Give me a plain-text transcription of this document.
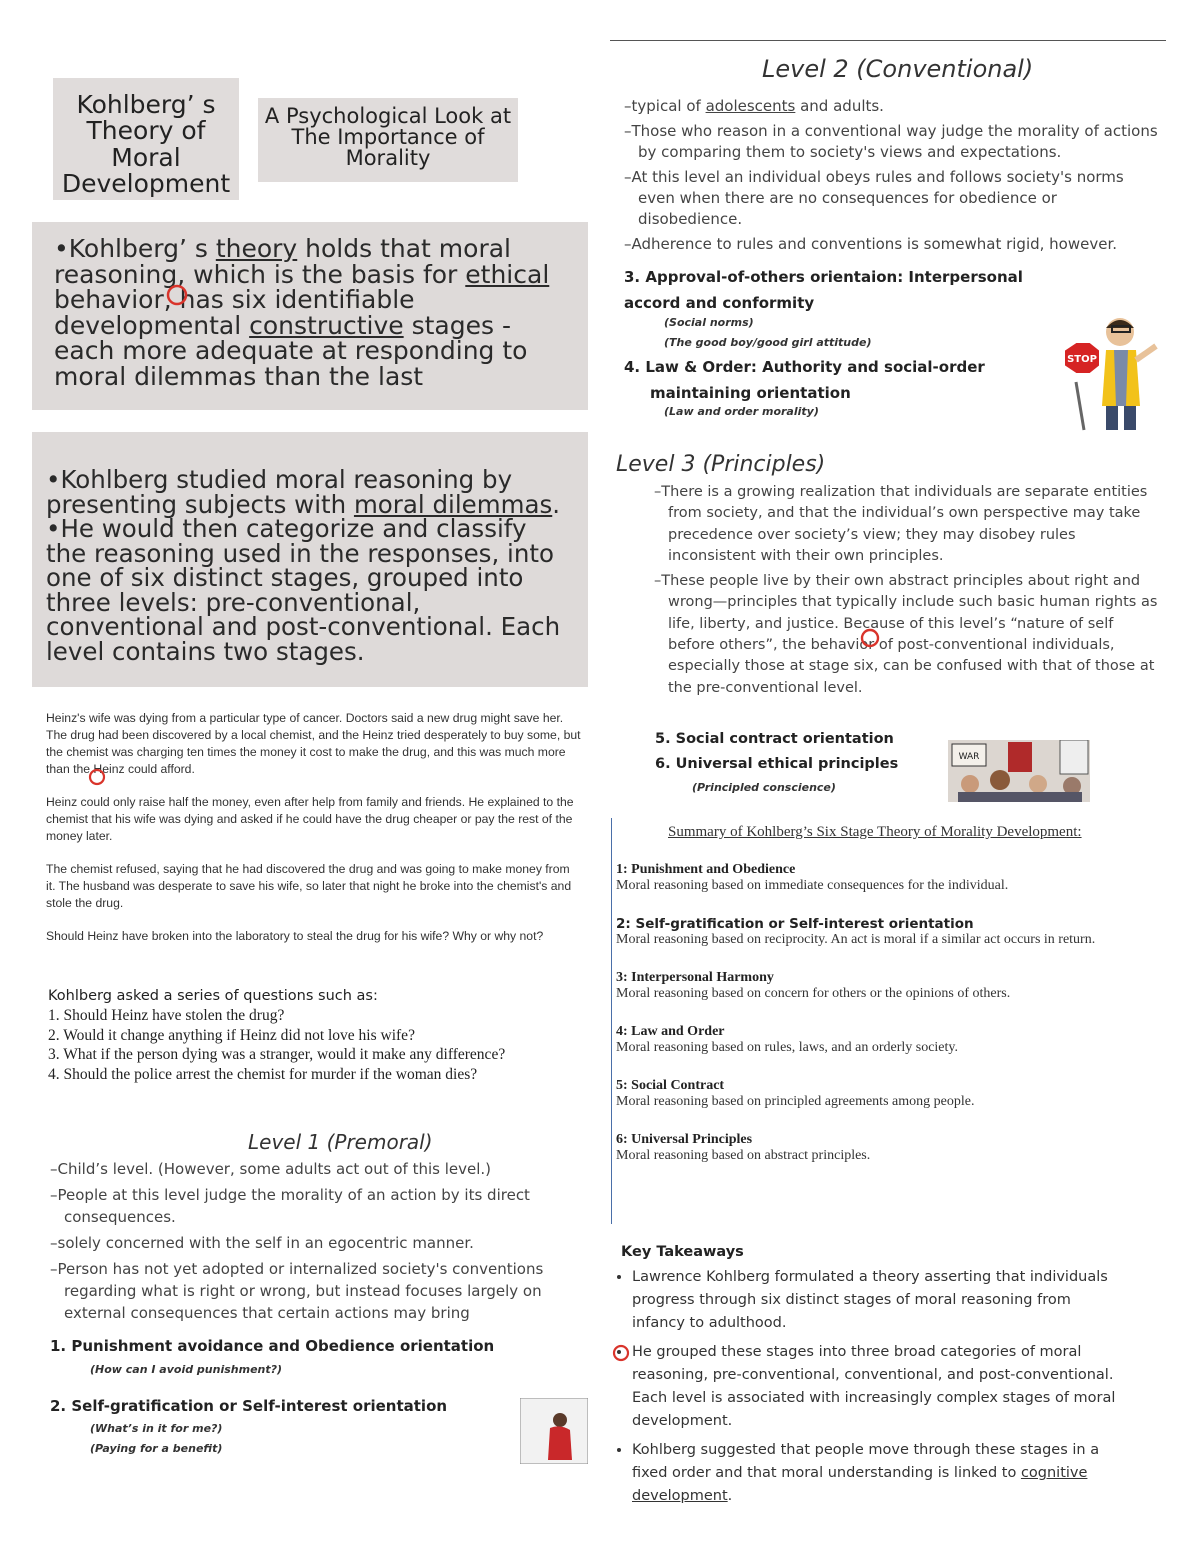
Kohlberg’ s
Theory of
Moral
Development
A Psychological Look at
The Importance of
Morality

•Kohlberg’ s theory holds that moral reasoning, which is the basis for ethical behavior, has six identifiable developmental constructive stages - each more adequate at responding to moral dilemmas than the last

•Kohlberg studied moral reasoning by presenting subjects with moral dilemmas.

•He would then categorize and classify the reasoning used in the responses, into one of six distinct stages, grouped into three levels: pre-conventional, conventional and post-conventional. Each level contains two stages.

Heinz's wife was dying from a particular type of cancer. Doctors said a new drug might save her. The drug had been discovered by a local chemist, and the Heinz tried desperately to buy some, but the chemist was charging ten times the money it cost to make the drug, and this was much more than the Heinz could afford.

Heinz could only raise half the money, even after help from family and friends. He explained to the chemist that his wife was dying and asked if he could have the drug cheaper or pay the rest of the money later.

The chemist refused, saying that he had discovered the drug and was going to make money from it. The husband was desperate to save his wife, so later that night he broke into the chemist's and stole the drug.

Should Heinz have broken into the laboratory to steal the drug for his wife? Why or why not?

Kohlberg asked a series of questions such as:
1. Should Heinz have stolen the drug?
2. Would it change anything if Heinz did not love his wife?
3. What if the person dying was a stranger, would it make any difference?
4. Should the police arrest the chemist for murder if the woman dies?
Level 1 (Premoral)
–Child’s level. (However, some adults act out of this level.)
–People at this level judge the morality of an action by its direct consequences.
–solely concerned with the self in an egocentric manner.
–Person has not yet adopted or internalized society's conventions regarding what is right or wrong, but instead focuses largely on external consequences that certain actions may bring
1. Punishment avoidance and Obedience orientation
(How can I avoid punishment?)
2. Self-gratification or Self-interest orientation
(What’s in it for me?)
(Paying for a benefit)
Level 2 (Conventional)
–typical of adolescents and adults.
–Those who reason in a conventional way judge the morality of actions by comparing them to society's views and expectations.
–At this level an individual obeys rules and follows society's norms even when there are no consequences for obedience or disobedience.
–Adherence to rules and conventions is somewhat rigid, however.
3. Approval-of-others orientaion: Interpersonal
accord and conformity
(Social norms)
(The good boy/good girl attitude)
4. Law & Order: Authority and social-order
maintaining orientation
(Law and order morality)
STOP
Level 3 (Principles)
–There is a growing realization that individuals are separate entities from society, and that the individual’s own perspective may take precedence over society’s view; they may disobey rules inconsistent with their own principles.
–These people live by their own abstract principles about right and wrong—principles that typically include such basic human rights as life, liberty, and justice. Because of this level’s “nature of self before others”, the behavior of post-conventional individuals, especially those at stage six, can be confused with that of those at the pre-conventional level.
5. Social contract orientation
6. Universal ethical principles
(Principled conscience)
WAR
Summary of Kohlberg’s Six Stage Theory of Morality Development:
1: Punishment and Obedience
Moral reasoning based on immediate consequences for the individual.
2: Self-gratification or Self-interest orientation
Moral reasoning based on reciprocity. An act is moral if a similar act occurs in return.
3: Interpersonal Harmony
Moral reasoning based on concern for others or the opinions of others.
4: Law and Order
Moral reasoning based on rules, laws, and an orderly society.
5: Social Contract
Moral reasoning based on principled agreements among people.
6: Universal Principles
Moral reasoning based on abstract principles.
Key Takeaways
• Lawrence Kohlberg formulated a theory asserting that individuals progress through six distinct stages of moral reasoning from infancy to adulthood.
• He grouped these stages into three broad categories of moral reasoning, pre-conventional, conventional, and post-conventional. Each level is associated with increasingly complex stages of moral development.
• Kohlberg suggested that people move through these stages in a fixed order and that moral understanding is linked to cognitive development.
